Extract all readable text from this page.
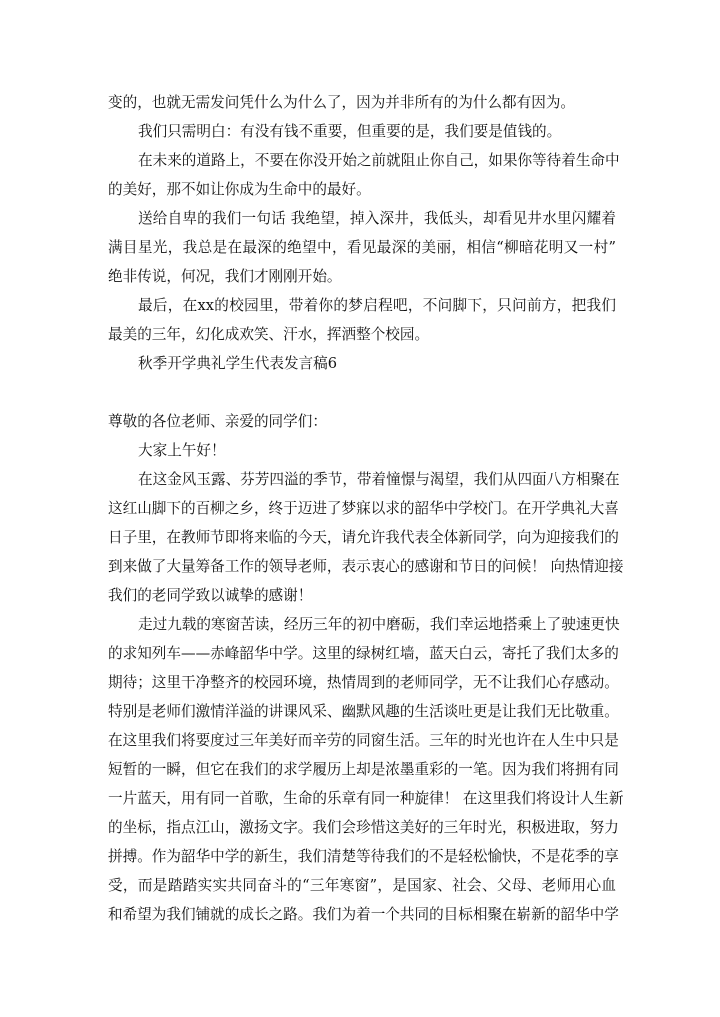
变的，也就无需发问凭什么为什么了，因为并非所有的为什么都有因为。
我们只需明白：有没有钱不重要，但重要的是，我们要是值钱的。
在未来的道路上，不要在你没开始之前就阻止你自己，如果你等待着生命中
的美好，那不如让你成为生命中的最好。
送给自卑的我们一句话 我绝望，掉入深井，我低头，却看见井水里闪耀着
满目星光，我总是在最深的绝望中，看见最深的美丽，相信“柳暗花明又一村”
绝非传说，何况，我们才刚刚开始。
最后，在xx的校园里，带着你的梦启程吧，不问脚下，只问前方，把我们
最美的三年，幻化成欢笑、汗水，挥洒整个校园。
秋季开学典礼学生代表发言稿6
尊敬的各位老师、亲爱的同学们：
大家上午好！
在这金风玉露、芬芳四溢的季节，带着憧憬与渴望，我们从四面八方相聚在
这红山脚下的百柳之乡，终于迈进了梦寐以求的韶华中学校门。在开学典礼大喜
日子里，在教师节即将来临的今天，请允许我代表全体新同学，向为迎接我们的
到来做了大量筹备工作的领导老师，表示衷心的感谢和节日的问候！ 向热情迎接
我们的老同学致以诚挚的感谢！
走过九载的寒窗苦读，经历三年的初中磨砺，我们幸运地搭乘上了驶速更快
的求知列车——赤峰韶华中学。这里的绿树红墙，蓝天白云，寄托了我们太多的
期待；这里干净整齐的校园环境，热情周到的老师同学，无不让我们心存感动。
特别是老师们激情洋溢的讲课风采、幽默风趣的生活谈吐更是让我们无比敬重。
在这里我们将要度过三年美好而辛劳的同窗生活。三年的时光也许在人生中只是
短暂的一瞬，但它在我们的求学履历上却是浓墨重彩的一笔。因为我们将拥有同
一片蓝天，用有同一首歌，生命的乐章有同一种旋律！ 在这里我们将设计人生新
的坐标，指点江山，激扬文字。我们会珍惜这美好的三年时光，积极进取，努力
拼搏。作为韶华中学的新生，我们清楚等待我们的不是轻松愉快，不是花季的享
受，而是踏踏实实共同奋斗的“三年寒窗”，是国家、社会、父母、老师用心血
和希望为我们铺就的成长之路。我们为着一个共同的目标相聚在崭新的韶华中学
